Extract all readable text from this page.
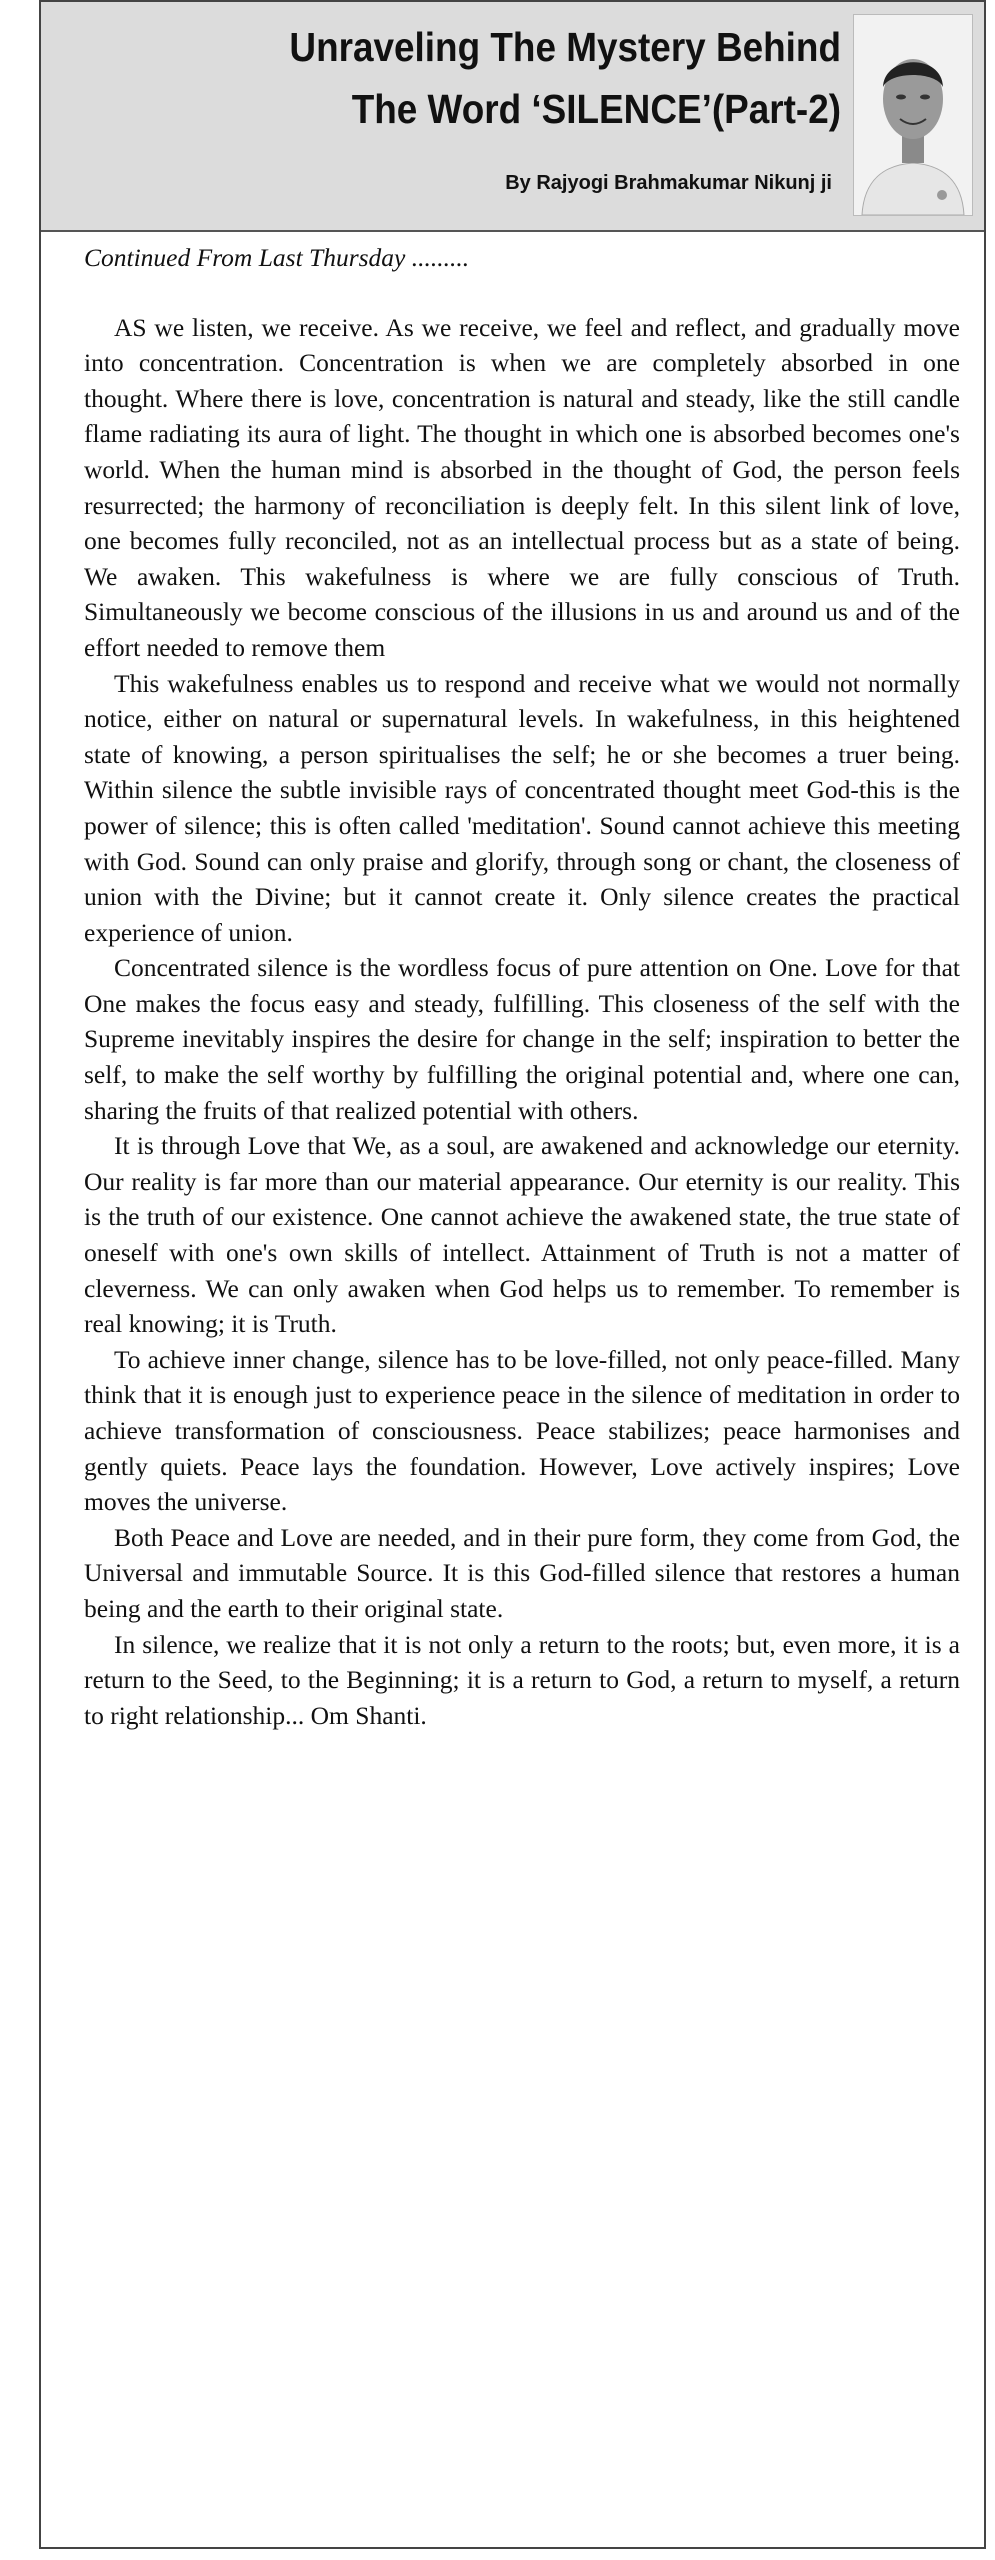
Unraveling The Mystery Behind
The Word ‘SILENCE’(Part-2)
By Rajyogi Brahmakumar Nikunj ji

Continued From Last Thursday .........

AS we listen, we receive. As we receive, we feel and reflect, and gradually move into concentration. Concentration is when we are completely absorbed in one thought. Where there is love, concentration is natural and steady, like the still candle flame radiating its aura of light. The thought in which one is absorbed becomes one's world. When the human mind is absorbed in the thought of God, the person feels resurrected; the harmony of reconciliation is deeply felt. In this silent link of love, one becomes fully reconciled, not as an intellectual process but as a state of being. We awaken. This wakefulness is where we are fully conscious of Truth. Simultaneously we become conscious of the illusions in us and around us and of the effort needed to remove them

This wakefulness enables us to respond and receive what we would not normally notice, either on natural or supernatural levels. In wakefulness, in this heightened state of knowing, a person spiritualises the self; he or she becomes a truer being. Within silence the subtle invisible rays of concentrated thought meet God-this is the power of silence; this is often called 'meditation'. Sound cannot achieve this meeting with God. Sound can only praise and glorify, through song or chant, the closeness of union with the Divine; but it cannot create it. Only silence creates the practical experience of union.

Concentrated silence is the wordless focus of pure attention on One. Love for that One makes the focus easy and steady, fulfilling. This closeness of the self with the Supreme inevitably inspires the desire for change in the self; inspiration to better the self, to make the self worthy by fulfilling the original potential and, where one can, sharing the fruits of that realized potential with others.

It is through Love that We, as a soul, are awakened and acknowledge our eternity. Our reality is far more than our material appearance. Our eternity is our reality. This is the truth of our existence. One cannot achieve the awakened state, the true state of oneself with one's own skills of intellect. Attainment of Truth is not a matter of cleverness. We can only awaken when God helps us to remember. To remember is real knowing; it is Truth.

To achieve inner change, silence has to be love-filled, not only peace-filled. Many think that it is enough just to experience peace in the silence of meditation in order to achieve transformation of consciousness. Peace stabilizes; peace harmonises and gently quiets. Peace lays the foundation. However, Love actively inspires; Love moves the universe.

Both Peace and Love are needed, and in their pure form, they come from God, the Universal and immutable Source. It is this God-filled silence that restores a human being and the earth to their original state.

In silence, we realize that it is not only a return to the roots; but, even more, it is a return to the Seed, to the Beginning; it is a return to God, a return to myself, a return to right relationship... Om Shanti.
